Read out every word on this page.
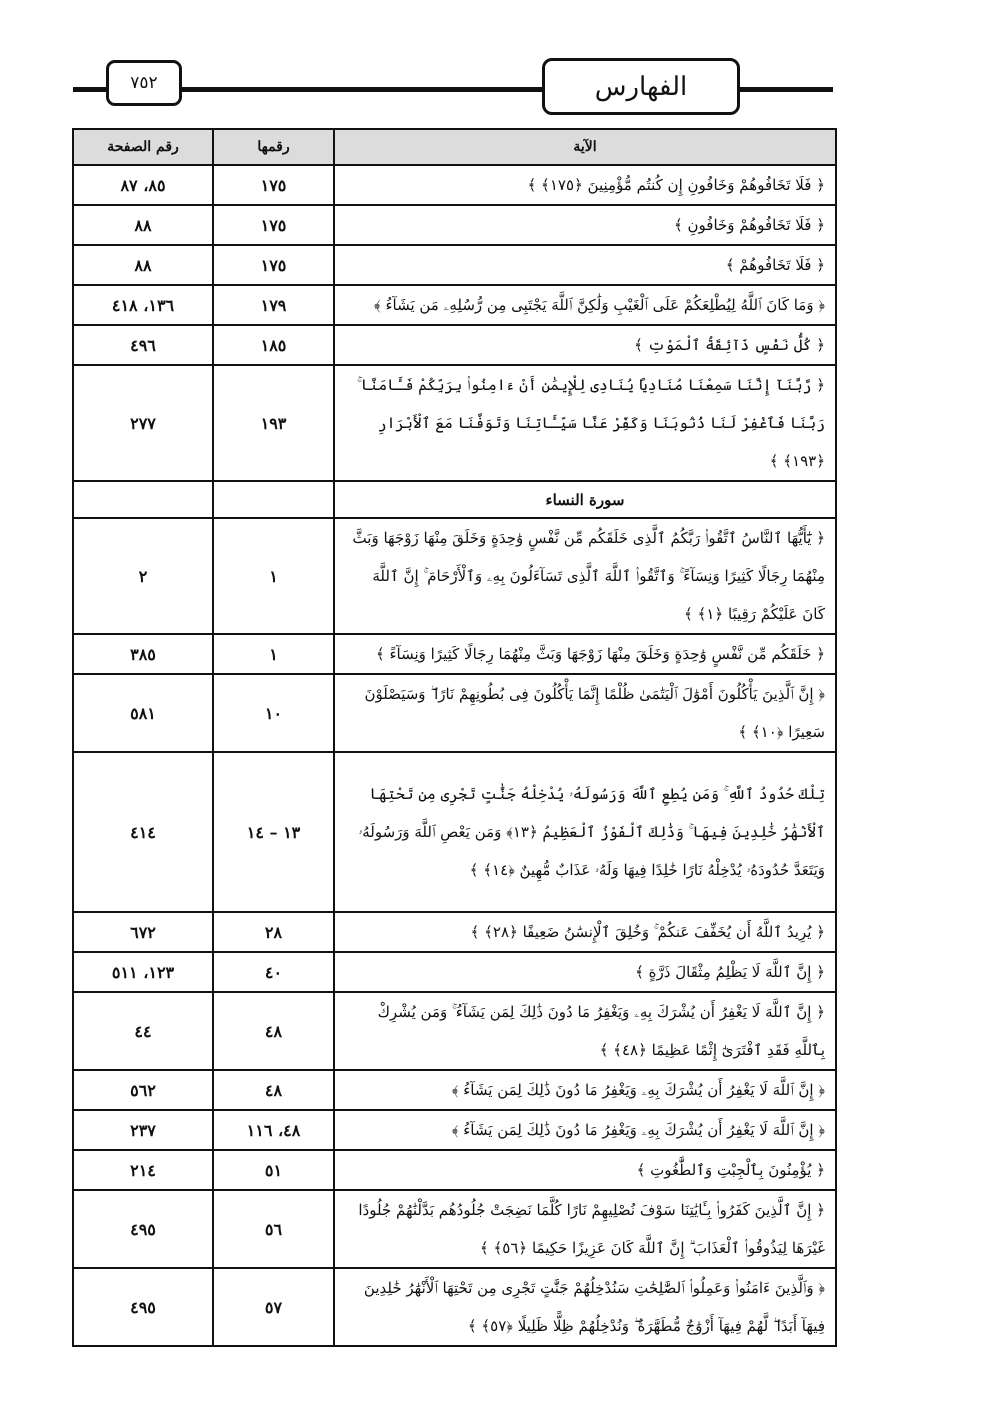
٧٥٢	الفهارس
الآية	رقمها	رقم الصفحة
﴿ فَلَا تَخَافُوهُمْ وَخَافُونِ إِن كُنتُم مُّؤْمِنِينَ ﴿١٧٥﴾ ﴾	١٧٥	٨٥، ٨٧
﴿ فَلَا تَخَافُوهُمْ وَخَافُونِ ﴾	١٧٥	٨٨
﴿ فَلَا تَخَافُوهُمْ ﴾	١٧٥	٨٨
﴿ وَمَا كَانَ ٱللَّهُ لِيُطْلِعَكُمْ عَلَى ٱلْغَيْبِ وَلَٰكِنَّ ٱللَّهَ يَجْتَبِى مِن رُّسُلِهِۦ مَن يَشَآءُ ﴾	١٧٩	١٣٦، ٤١٨
﴿ كُلُّ نَفْسٍ ذَآئِقَةُ ٱلْمَوْتِ ﴾	١٨٥	٤٩٦
﴿ رَّبَّنَآ إِنَّنَا سَمِعْنَا مُنَادِيًا يُنَادِى لِلْإِيمَٰنِ أَنْ ءَامِنُوا۟ بِرَبِّكُمْ فَـَٔامَنَّا ۚ رَبَّنَا فَٱغْفِرْ لَنَا ذُنُوبَنَا وَكَفِّرْ عَنَّا سَيِّـَٔاتِنَا وَتَوَفَّنَا مَعَ ٱلْأَبْرَارِ ﴿١٩٣﴾ ﴾	١٩٣	٢٧٧
سورة النساء		
﴿ يَٰٓأَيُّهَا ٱلنَّاسُ ٱتَّقُوا۟ رَبَّكُمُ ٱلَّذِى خَلَقَكُم مِّن نَّفْسٍ وَٰحِدَةٍ وَخَلَقَ مِنْهَا زَوْجَهَا وَبَثَّ مِنْهُمَا رِجَالًا كَثِيرًا وَنِسَآءً ۚ وَٱتَّقُوا۟ ٱللَّهَ ٱلَّذِى تَسَآءَلُونَ بِهِۦ وَٱلْأَرْحَامَ ۚ إِنَّ ٱللَّهَ كَانَ عَلَيْكُمْ رَقِيبًا ﴿١﴾ ﴾	١	٢
﴿ خَلَقَكُم مِّن نَّفْسٍ وَٰحِدَةٍ وَخَلَقَ مِنْهَا زَوْجَهَا وَبَثَّ مِنْهُمَا رِجَالًا كَثِيرًا وَنِسَآءً ﴾	١	٣٨٥
﴿ إِنَّ ٱلَّذِينَ يَأْكُلُونَ أَمْوَٰلَ ٱلْيَتَٰمَىٰ ظُلْمًا إِنَّمَا يَأْكُلُونَ فِى بُطُونِهِمْ نَارًا ۖ وَسَيَصْلَوْنَ سَعِيرًا ﴿١٠﴾ ﴾	١٠	٥٨١
تِلْكَ حُدُودُ ٱللَّهِ ۚ وَمَن يُطِعِ ٱللَّهَ وَرَسُولَهُۥ يُدْخِلْهُ جَنَّٰتٍ تَجْرِى مِن تَحْتِهَا ٱلْأَنْهَٰرُ خَٰلِدِينَ فِيهَا ۚ وَذَٰلِكَ ٱلْفَوْزُ ٱلْعَظِيمُ ﴿١٣﴾ وَمَن يَعْصِ ٱللَّهَ وَرَسُولَهُۥ وَيَتَعَدَّ حُدُودَهُۥ يُدْخِلْهُ نَارًا خَٰلِدًا فِيهَا وَلَهُۥ عَذَابٌ مُّهِينٌ ﴿١٤﴾ ﴾	١٣ – ١٤	٤١٤
﴿ يُرِيدُ ٱللَّهُ أَن يُخَفِّفَ عَنكُمْ ۚ وَخُلِقَ ٱلْإِنسَٰنُ ضَعِيفًا ﴿٢٨﴾ ﴾	٢٨	٦٧٢
﴿ إِنَّ ٱللَّهَ لَا يَظْلِمُ مِثْقَالَ ذَرَّةٍ ﴾	٤٠	١٢٣، ٥١١
﴿ إِنَّ ٱللَّهَ لَا يَغْفِرُ أَن يُشْرَكَ بِهِۦ وَيَغْفِرُ مَا دُونَ ذَٰلِكَ لِمَن يَشَآءُ ۚ وَمَن يُشْرِكْ بِٱللَّهِ فَقَدِ ٱفْتَرَىٰٓ إِثْمًا عَظِيمًا ﴿٤٨﴾ ﴾	٤٨	٤٤
﴿ إِنَّ ٱللَّهَ لَا يَغْفِرُ أَن يُشْرَكَ بِهِۦ وَيَغْفِرُ مَا دُونَ ذَٰلِكَ لِمَن يَشَآءُ ﴾	٤٨	٥٦٢
﴿ إِنَّ ٱللَّهَ لَا يَغْفِرُ أَن يُشْرَكَ بِهِۦ وَيَغْفِرُ مَا دُونَ ذَٰلِكَ لِمَن يَشَآءُ ﴾	٤٨، ١١٦	٢٣٧
﴿ يُؤْمِنُونَ بِٱلْجِبْتِ وَٱلطَّٰغُوتِ ﴾	٥١	٢١٤
﴿ إِنَّ ٱلَّذِينَ كَفَرُوا۟ بِـَٔايَٰتِنَا سَوْفَ نُصْلِيهِمْ نَارًا كُلَّمَا نَضِجَتْ جُلُودُهُم بَدَّلْنَٰهُمْ جُلُودًا غَيْرَهَا لِيَذُوقُوا۟ ٱلْعَذَابَ ۗ إِنَّ ٱللَّهَ كَانَ عَزِيزًا حَكِيمًا ﴿٥٦﴾ ﴾	٥٦	٤٩٥
﴿ وَٱلَّذِينَ ءَامَنُوا۟ وَعَمِلُوا۟ ٱلصَّٰلِحَٰتِ سَنُدْخِلُهُمْ جَنَّٰتٍ تَجْرِى مِن تَحْتِهَا ٱلْأَنْهَٰرُ خَٰلِدِينَ فِيهَآ أَبَدًا ۖ لَّهُمْ فِيهَآ أَزْوَٰجٌ مُّطَهَّرَةٌ ۖ وَنُدْخِلُهُمْ ظِلًّا ظَلِيلًا ﴿٥٧﴾ ﴾	٥٧	٤٩٥
